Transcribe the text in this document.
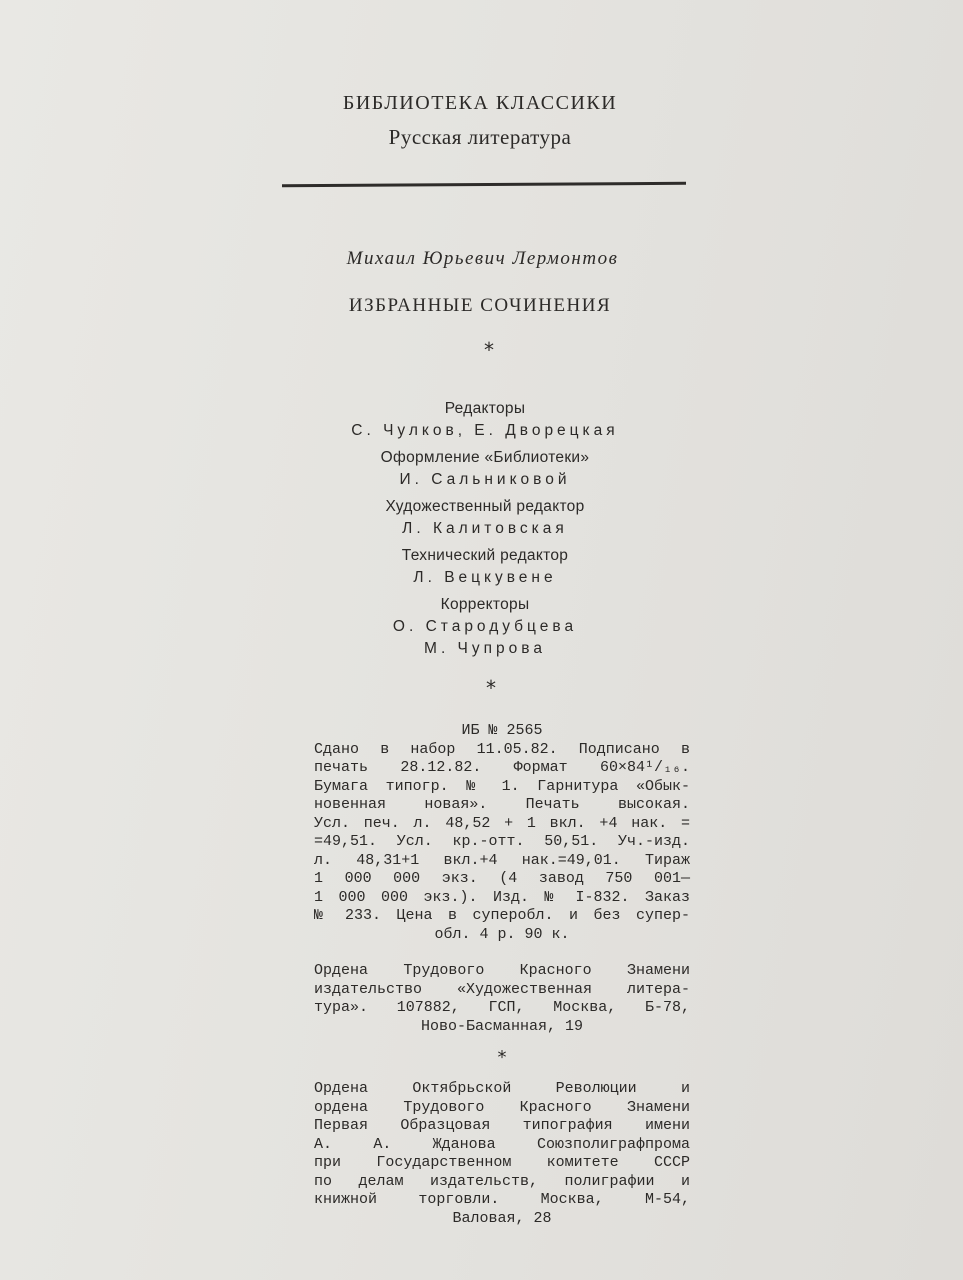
БИБЛИОТЕКА КЛАССИКИ
Русская литература
Михаил Юрьевич Лермонтов
ИЗБРАННЫЕ СОЧИНЕНИЯ
*
Редакторы
С. Чулков, Е. Дворецкая
Оформление «Библиотеки»
И. Сальниковой
Художественный редактор
Л. Калитовская
Технический редактор
Л. Вецкувене
Корректоры
О. Стародубцева
М. Чупрова
*
ИБ № 2565
Сдано в набор 11.05.82. Подписано в
печать 28.12.82. Формат 60×84¹/₁₆.
Бумага типогр. № 1. Гарнитура «Обык-
новенная новая». Печать высокая.
Усл. печ. л. 48,52 + 1 вкл. +4 нак. =
=49,51. Усл. кр.-отт. 50,51. Уч.-изд.
л. 48,31+1 вкл.+4 нак.=49,01. Тираж
1 000 000 экз. (4 завод 750 001—
1 000 000 экз.). Изд. № I-832. Заказ
№ 233. Цена в суперобл. и без супер-
обл. 4 р. 90 к.
Ордена Трудового Красного Знамени
издательство «Художественная литера-
тура». 107882, ГСП, Москва, Б-78,
Ново-Басманная, 19
*
Ордена Октябрьской Революции и
ордена Трудового Красного Знамени
Первая Образцовая типография имени
А. А. Жданова Союзполиграфпрома
при Государственном комитете СССР
по делам издательств, полиграфии и
книжной торговли. Москва, М-54,
Валовая, 28
